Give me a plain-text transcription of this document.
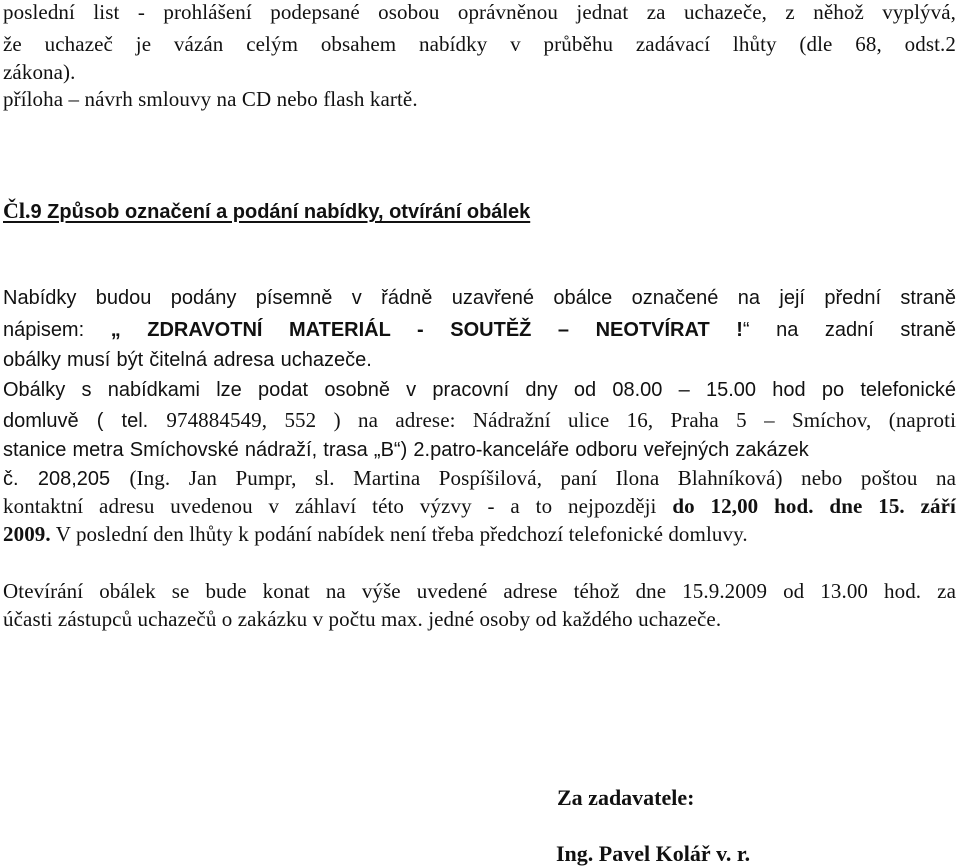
poslední list - prohlášení podepsané osobou oprávněnou jednat za uchazeče, z něhož vyplývá,
že uchazeč je vázán celým obsahem nabídky v průběhu zadávací lhůty (dle 68, odst.2
zákona).
příloha – návrh smlouvy na CD nebo flash kartě.
Čl.9 Způsob označení a podání nabídky, otvírání obálek
Nabídky budou podány písemně v řádně uzavřené obálce označené na její přední straně
nápisem: „ ZDRAVOTNÍ MATERIÁL - SOUTĚŽ – NEOTVÍRAT !“ na zadní straně
obálky musí být čitelná adresa uchazeče.
Obálky s nabídkami lze podat osobně v pracovní dny od 08.00 – 15.00 hod po telefonické
domluvě ( tel. 974884549, 552 ) na adrese: Nádražní ulice 16, Praha 5 – Smíchov, (naproti
stanice metra Smíchovské nádraží, trasa „B“) 2.patro-kanceláře odboru veřejných zakázek
č. 208,205 (Ing. Jan Pumpr, sl. Martina Pospíšilová, paní Ilona Blahníková) nebo poštou na
kontaktní adresu uvedenou v záhlaví této výzvy - a to nejpozději do 12,00 hod. dne 15. září
2009. V poslední den lhůty k podání nabídek není třeba předchozí telefonické domluvy.
Otevírání obálek se bude konat na výše uvedené adrese téhož dne 15.9.2009 od 13.00 hod. za
účasti zástupců uchazečů o zakázku v počtu max. jedné osoby od každého uchazeče.
Za zadavatele:
Ing. Pavel Kolář v. r.
